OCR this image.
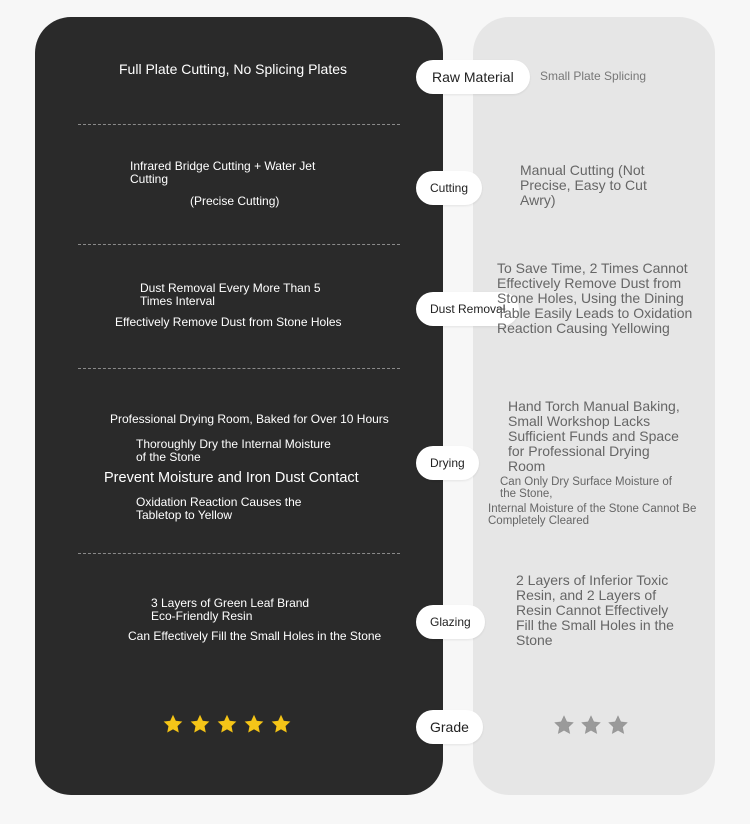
Full Plate Cutting, No Splicing Plates	Raw Material	Small Plate Splicing
Infrared Bridge Cutting + Water Jet Cutting
(Precise Cutting)
Cutting
Manual Cutting (Not Precise, Easy to Cut Awry)
Dust Removal Every More Than 5 Times Interval
Effectively Remove Dust from Stone Holes
Dust Removal
To Save Time, 2 Times Cannot Effectively Remove Dust from Stone Holes, Using the Dining Table Easily Leads to Oxidation Reaction Causing Yellowing
Professional Drying Room, Baked for Over 10 Hours
Thoroughly Dry the Internal Moisture of the Stone
Prevent Moisture and Iron Dust Contact
Oxidation Reaction Causes the Tabletop to Yellow
Drying
Hand Torch Manual Baking, Small Workshop Lacks Sufficient Funds and Space for Professional Drying Room
Can Only Dry Surface Moisture of the Stone,
Internal Moisture of the Stone Cannot Be Completely Cleared
3 Layers of Green Leaf Brand Eco-Friendly Resin
Can Effectively Fill the Small Holes in the Stone
Glazing
2 Layers of Inferior Toxic Resin, and 2 Layers of Resin Cannot Effectively Fill the Small Holes in the Stone
Grade
